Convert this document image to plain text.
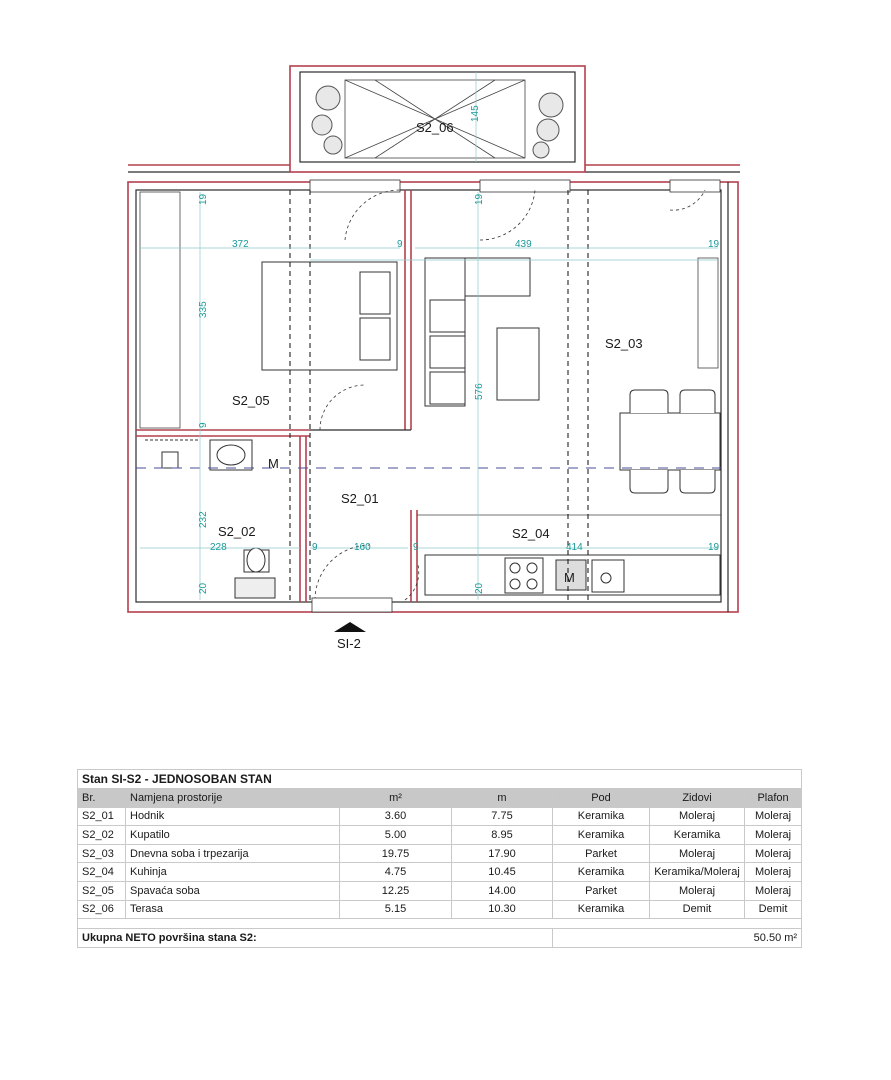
S2_06
S2_05
S2_03
S2_01
S2_02	S2_04
145
19	19
19
19
372	9	439
335
576
9
232
228	9	160	9	414
20	20
M
M
SI-2
Stan SI-S2 - JEDNOSOBAN STAN						
Br.	Namjena prostorije	m²	m	Pod	Zidovi	Plafon
S2_01	Hodnik	3.60	7.75	Keramika	Moleraj	Moleraj
S2_02	Kupatilo	5.00	8.95	Keramika	Keramika	Moleraj
S2_03	Dnevna soba i trpezarija	19.75	17.90	Parket	Moleraj	Moleraj
S2_04	Kuhinja	4.75	10.45	Keramika	Keramika/Moleraj	Moleraj
S2_05	Spavaća soba	12.25	14.00	Parket	Moleraj	Moleraj
S2_06	Terasa	5.15	10.30	Keramika	Demit	Demit

Ukupna NETO površina stana S2:				50.50 m²		
